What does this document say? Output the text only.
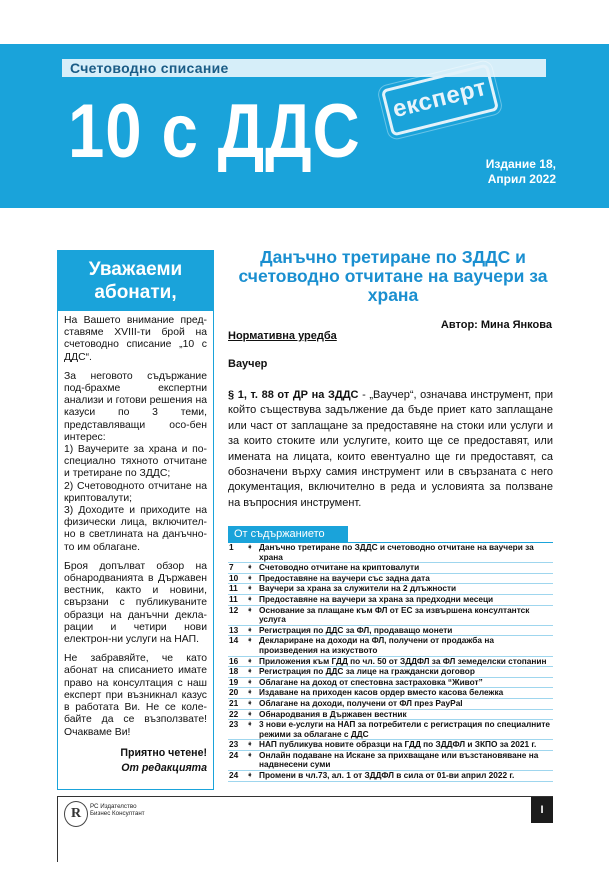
Счетоводно списание
10 с ДДС	експерт
Издание 18,
Април 2022
Уважаеми абонати,

На Вашето внимание пред-ставяме XVIII-ти брой на счетоводно списание „10 с ДДС“.

За неговото съдържание под-брахме експертни анализи и готови решения на казуси по 3 теми, представляващи осо-бен интерес:

1) Ваучерите за храна и по-специално тяхното отчитане и третиране по ЗДДС;

2) Счетоводното отчитане на криптовалути;

3) Доходите и приходите на физически лица, включител-но в светлината на данъчно-то им облагане.

Броя допълват обзор на обнародванията в Държавен вестник, както и новини, свързани с публикуваните образци на данъчни декла-рации и четири нови електрон-ни услуги на НАП.

Не забравяйте, че като абонат на списанието имате право на консултация с наш експерт при възникнал казус в работата Ви. Не се коле-байте да се възползвате! Очакваме Ви!

Приятно четене!
От редакцията
Данъчно третиране по ЗДДС и счетоводно отчитане на ваучери за храна
Автор: Мина Янкова
Нормативна уредба
Ваучер
§ 1, т. 88 от ДР на ЗДДС - „Ваучер“, означава инструмент, при който съществува задължение да бъде приет като заплащане или част от заплащане за предоставяне на стоки или услуги и за които стоките или услугите, които ще се предоставят, или имената на лицата, които евентуално ще ги предоставят, са обозначени върху самия инструмент или в свързаната с него документация, включително в реда и условията за ползване на въпросния инструмент.
От съдържанието
1	➧ Данъчно третиране по ЗДДС и счетоводно отчитане на ваучери за храна
7	➧ Счетоводно отчитане на криптовалути
10	➧ Предоставяне на ваучери със задна дата
11	➧ Ваучери за храна за служители на 2 длъжности
11	➧ Предоставяне на ваучери за храна за предходни месеци
12	➧ Основание за плащане към ФЛ от ЕС за извършена консултантск услуга
13	➧ Регистрация по ДДС за ФЛ, продаващо монети
14	➧ Деклариране на доходи на ФЛ, получени от продажба на произведения на изкуството
16	➧ Приложения към ГДД по чл. 50 от ЗДДФЛ за ФЛ земеделски стопанин
18	➧ Регистрация по ДДС за лице на граждански договор
19	➧ Облагане на доход от спестовна застраховка “Живот”
20	➧ Издаване на приходен касов ордер вместо касова бележка
21	➧ Облагане на доходи, получени от ФЛ през PayPal
22	➧ Обнародвания в Държавен вестник
23	➧ 3 нови е-услуги на НАП за потребители с регистрация по специалните режими за облагане с ДДС
23	➧ НАП публикува новите образци на ГДД по ЗДДФЛ и ЗКПО за 2021 г.
24	➧ Онлайн подаване на Искане за прихващане или възстановяване на надвнесени суми
24	➧ Промени в чл.73, ал. 1 от ЗДДФЛ в сила от 01-ви април 2022 г.
R	РС Издателство
Бизнес Консултант	I
